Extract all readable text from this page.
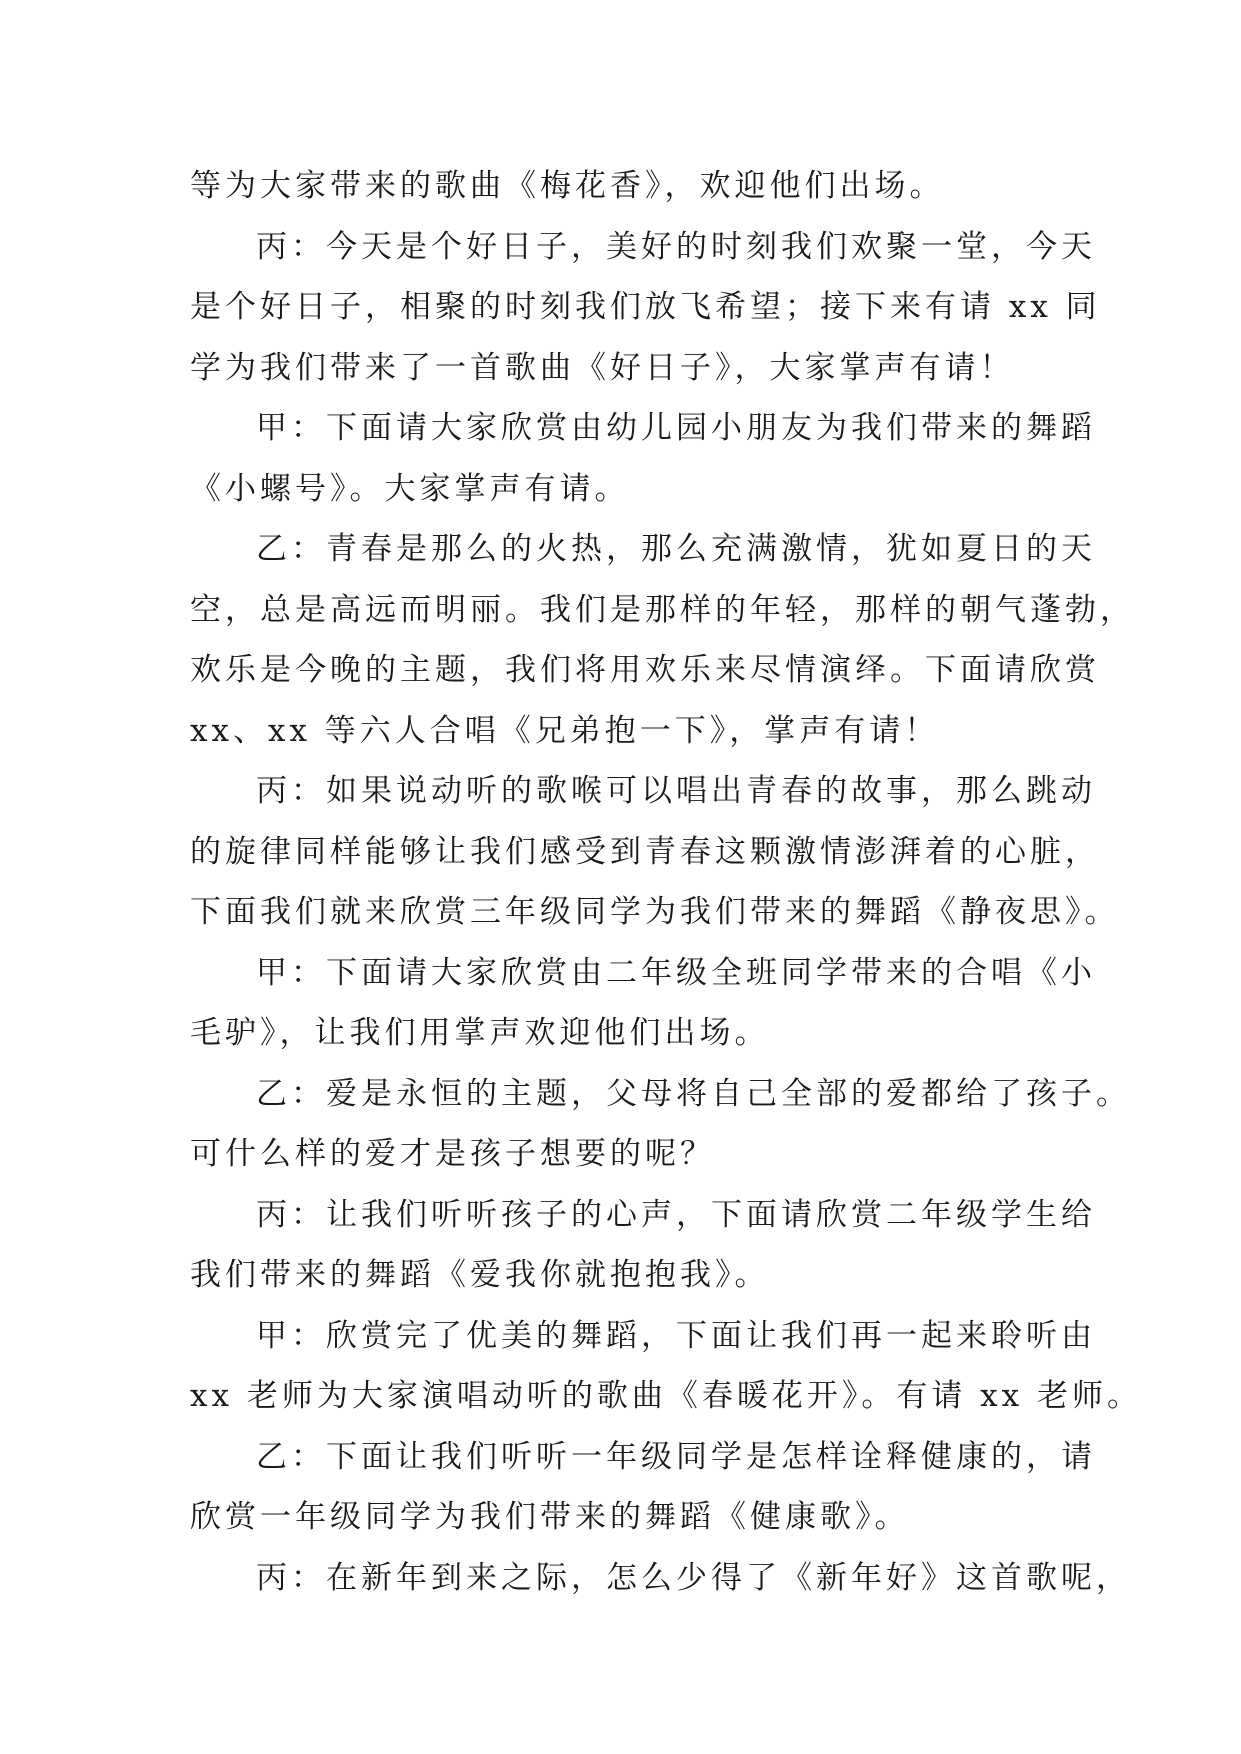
等为大家带来的歌曲《梅花香》，欢迎他们出场。
丙：今天是个好日子，美好的时刻我们欢聚一堂，今天
是个好日子，相聚的时刻我们放飞希望；接下来有请 xx 同
学为我们带来了一首歌曲《好日子》，大家掌声有请！
甲：下面请大家欣赏由幼儿园小朋友为我们带来的舞蹈
《小螺号》。大家掌声有请。
乙：青春是那么的火热，那么充满激情，犹如夏日的天
空，总是高远而明丽。我们是那样的年轻，那样的朝气蓬勃，
欢乐是今晚的主题，我们将用欢乐来尽情演绎。下面请欣赏
xx、xx 等六人合唱《兄弟抱一下》，掌声有请！
丙：如果说动听的歌喉可以唱出青春的故事，那么跳动
的旋律同样能够让我们感受到青春这颗激情澎湃着的心脏，
下面我们就来欣赏三年级同学为我们带来的舞蹈《静夜思》。
甲：下面请大家欣赏由二年级全班同学带来的合唱《小
毛驴》，让我们用掌声欢迎他们出场。
乙：爱是永恒的主题，父母将自己全部的爱都给了孩子。
可什么样的爱才是孩子想要的呢？
丙：让我们听听孩子的心声，下面请欣赏二年级学生给
我们带来的舞蹈《爱我你就抱抱我》。
甲：欣赏完了优美的舞蹈，下面让我们再一起来聆听由
xx 老师为大家演唱动听的歌曲《春暖花开》。有请 xx 老师。
乙：下面让我们听听一年级同学是怎样诠释健康的，请
欣赏一年级同学为我们带来的舞蹈《健康歌》。
丙：在新年到来之际，怎么少得了《新年好》这首歌呢，
